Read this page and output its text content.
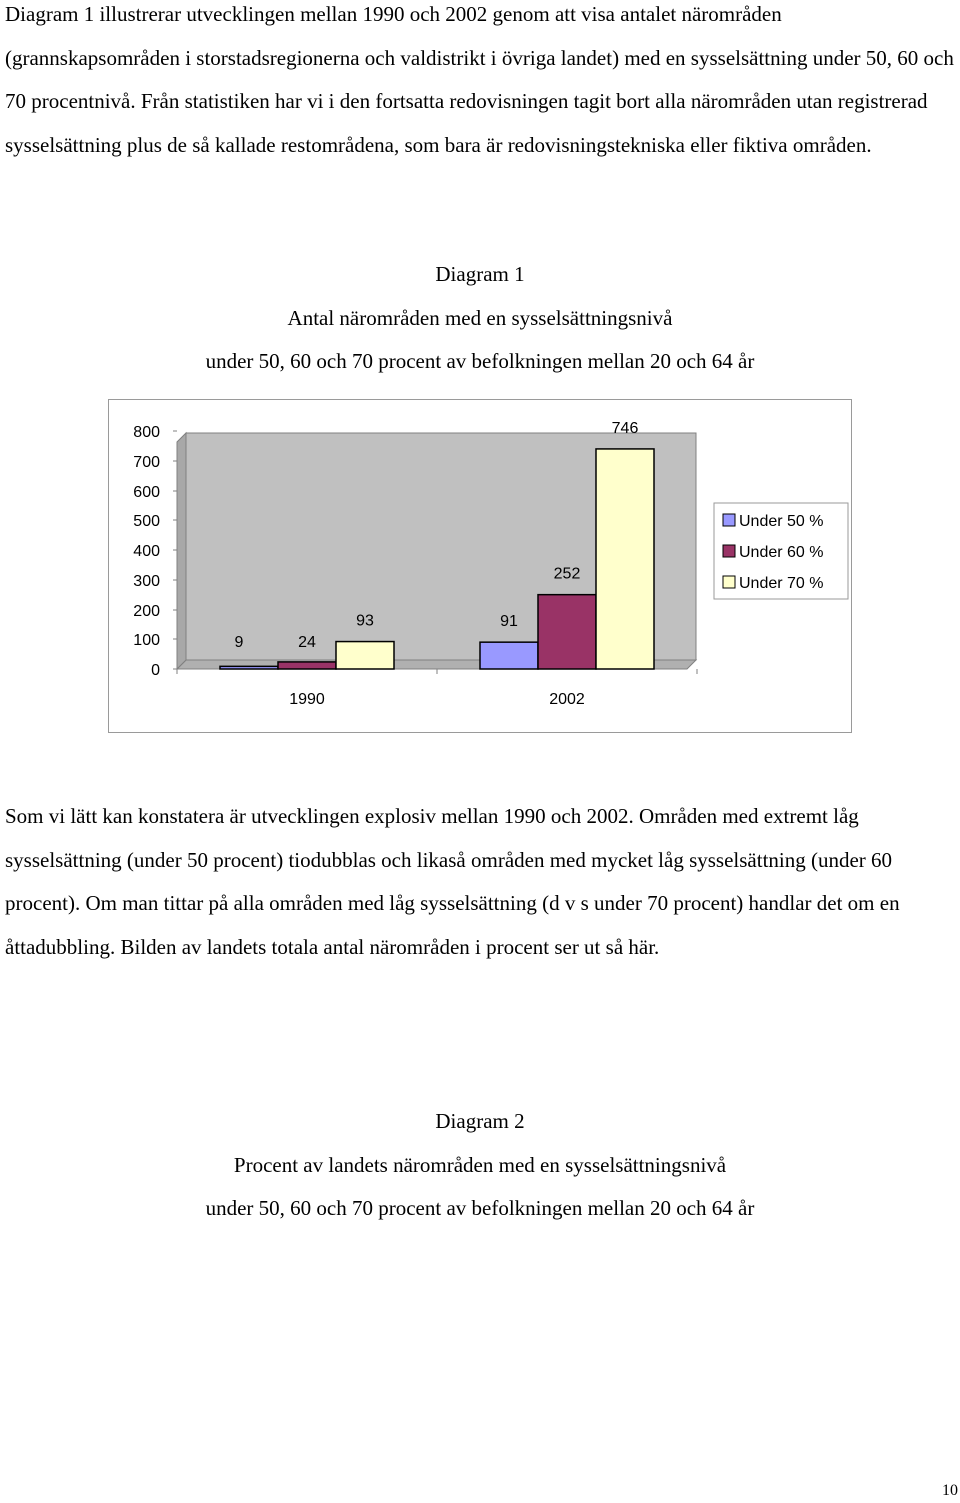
Diagram 1 illustrerar utvecklingen mellan 1990 och 2002 genom att visa antalet närområden (grannskapsområden i storstadsregionerna och valdistrikt i övriga landet) med en sysselsättning under 50, 60 och 70 procentnivå. Från statistiken har vi i den fortsatta redovisningen tagit bort alla närområden utan registrerad sysselsättning plus de så kallade restområdena, som bara är redovisningstekniska eller fiktiva områden.

Diagram 1
Antal närområden med en sysselsättningsnivå
under 50, 60 och 70 procent av befolkningen mellan 20 och 64 år
0
100
200
300
400
500
600
700
800
9	24
93
1990
91
252
746
2002
Under 50 %
Under 60 %
Under 70 %

Som vi lätt kan konstatera är utvecklingen explosiv mellan 1990 och 2002. Områden med extremt låg sysselsättning (under 50 procent) tiodubblas och likaså områden med mycket låg sysselsättning (under 60 procent). Om man tittar på alla områden med låg sysselsättning (d v s under 70 procent) handlar det om en åttadubbling. Bilden av landets totala antal närområden i procent ser ut så här.

Diagram 2
Procent av landets närområden med en sysselsättningsnivå
under 50, 60 och 70 procent av befolkningen mellan 20 och 64 år
10
